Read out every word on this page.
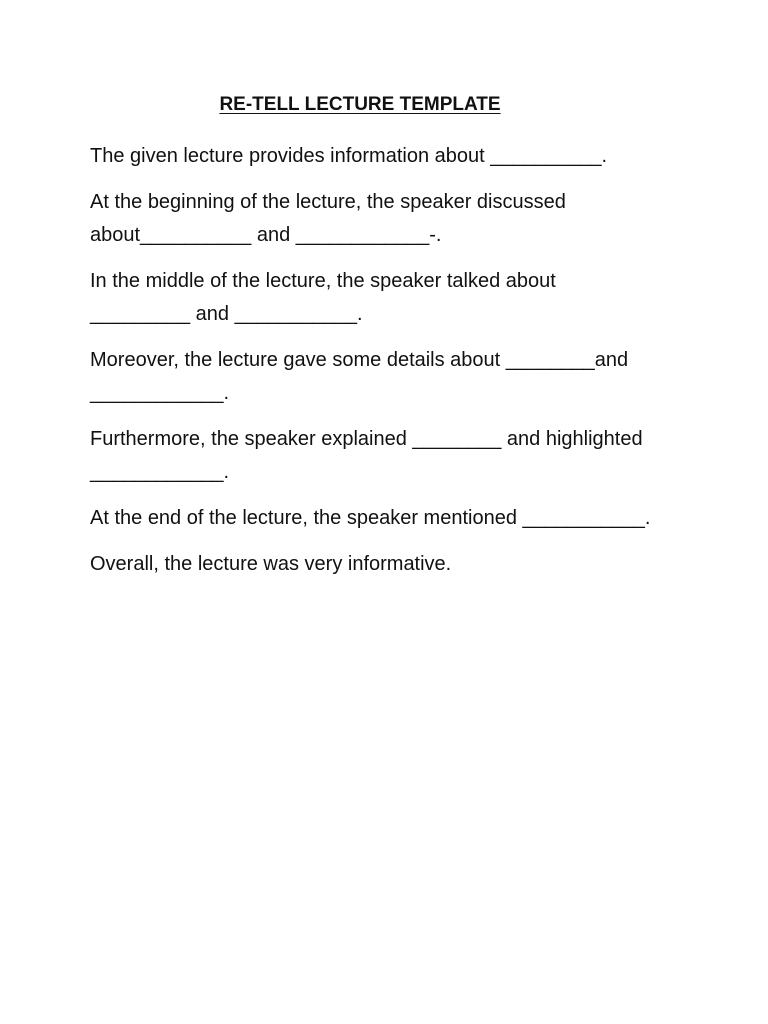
RE-TELL LECTURE TEMPLATE

The given lecture provides information about __________.

At the beginning of the lecture, the speaker discussed
about__________ and ____________-.

In the middle of the lecture, the speaker talked about
_________ and ___________.

Moreover, the lecture gave some details about ________and
____________.

Furthermore, the speaker explained ________ and highlighted
____________.

At the end of the lecture, the speaker mentioned ___________.

Overall, the lecture was very informative.
